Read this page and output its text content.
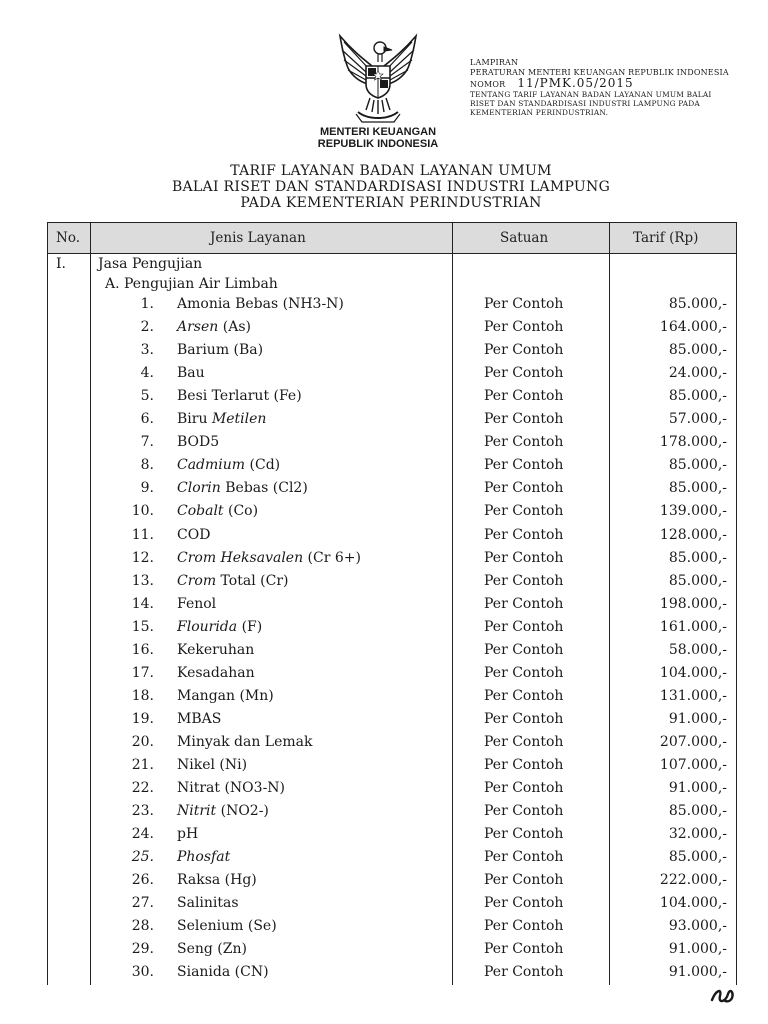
MENTERI KEUANGAN
REPUBLIK INDONESIA
LAMPIRAN
PERATURAN MENTERI KEUANGAN REPUBLIK INDONESIA
NOMOR 11/PMK.05/2015
TENTANG TARIF LAYANAN BADAN LAYANAN UMUM BALAI
RISET DAN STANDARDISASI INDUSTRI LAMPUNG PADA
KEMENTERIAN PERINDUSTRIAN.
TARIF LAYANAN BADAN LAYANAN UMUM
BALAI RISET DAN STANDARDISASI INDUSTRI LAMPUNG
PADA KEMENTERIAN PERINDUSTRIAN
No.	Jenis Layanan	Satuan	Tarif (Rp)
I. Jasa Pengujian
A. Pengujian Air Limbah
1. Amonia Bebas (NH3-N)	Per Contoh	85.000,-
2. Arsen (As)	Per Contoh	164.000,-
3. Barium (Ba)	Per Contoh	85.000,-
4. Bau	Per Contoh	24.000,-
5. Besi Terlarut (Fe)	Per Contoh	85.000,-
6. Biru Metilen	Per Contoh	57.000,-
7. BOD5	Per Contoh	178.000,-
8. Cadmium (Cd)	Per Contoh	85.000,-
9. Clorin Bebas (Cl2)	Per Contoh	85.000,-
10. Cobalt (Co)	Per Contoh	139.000,-
11. COD	Per Contoh	128.000,-
12. Crom Heksavalen (Cr 6+)	Per Contoh	85.000,-
13. Crom Total (Cr)	Per Contoh	85.000,-
14. Fenol	Per Contoh	198.000,-
15. Flourida (F)	Per Contoh	161.000,-
16. Kekeruhan	Per Contoh	58.000,-
17. Kesadahan	Per Contoh	104.000,-
18. Mangan (Mn)	Per Contoh	131.000,-
19. MBAS	Per Contoh	91.000,-
20. Minyak dan Lemak	Per Contoh	207.000,-
21. Nikel (Ni)	Per Contoh	107.000,-
22. Nitrat (NO3-N)	Per Contoh	91.000,-
23. Nitrit (NO2-)	Per Contoh	85.000,-
24. pH	Per Contoh	32.000,-
25. Phosfat	Per Contoh	85.000,-
26. Raksa (Hg)	Per Contoh	222.000,-
27. Salinitas	Per Contoh	104.000,-
28. Selenium (Se)	Per Contoh	93.000,-
29. Seng (Zn)	Per Contoh	91.000,-
30. Sianida (CN)	Per Contoh	91.000,-
